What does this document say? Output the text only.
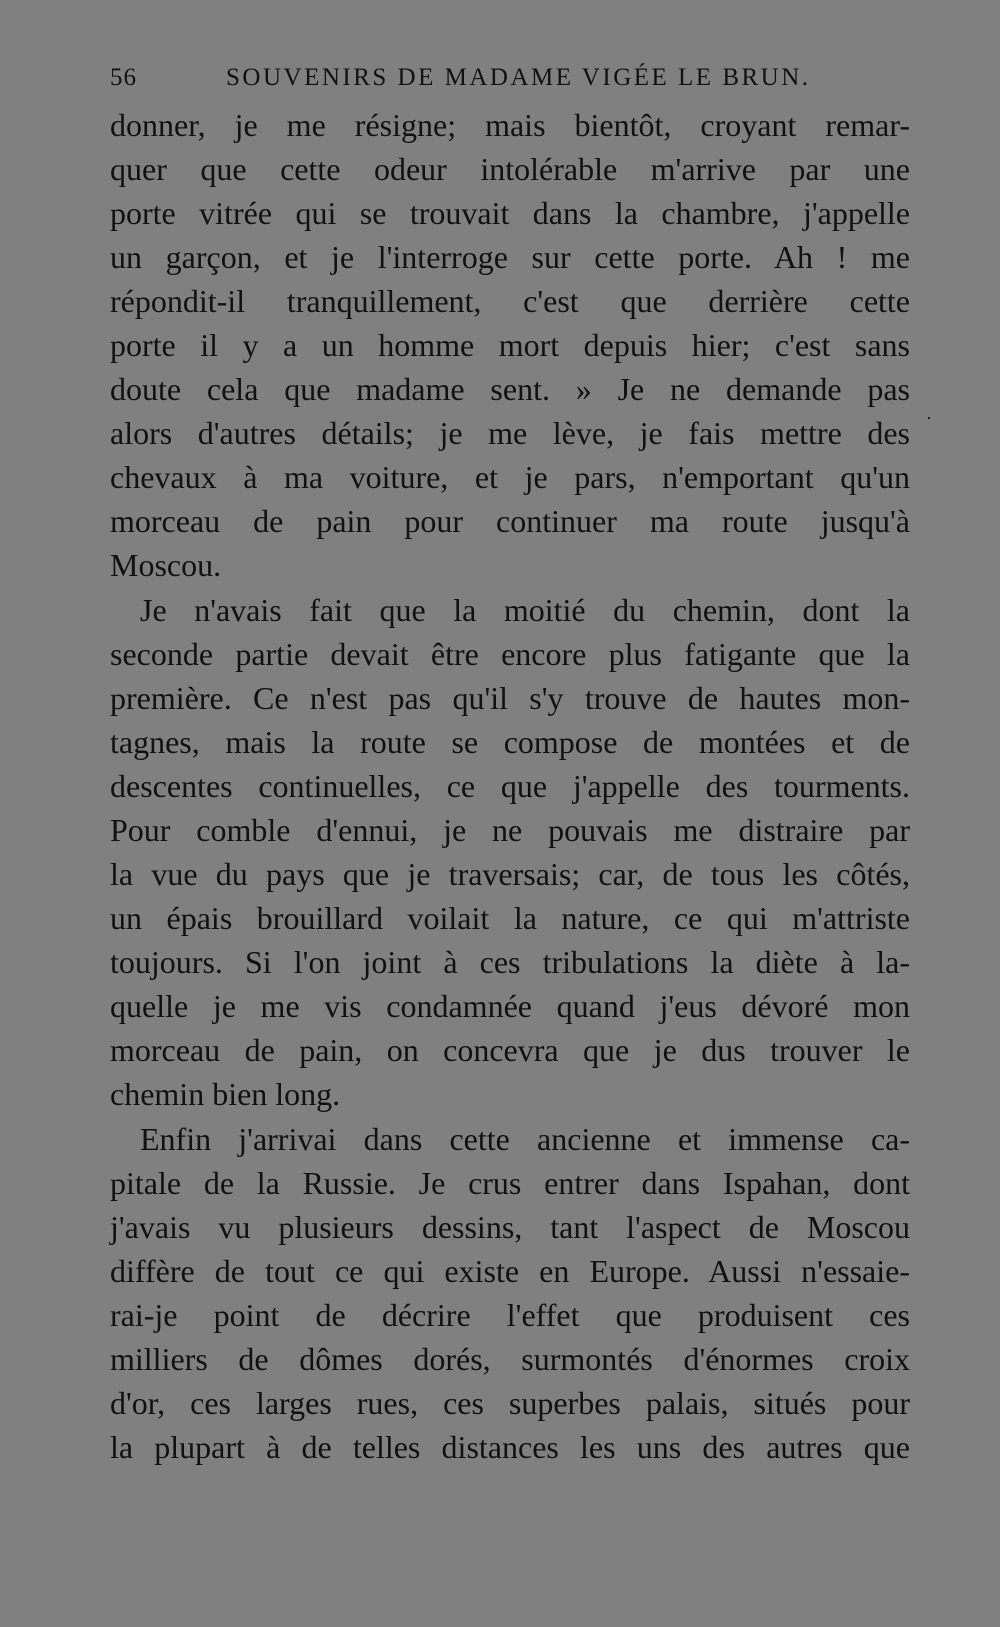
56	SOUVENIRS DE MADAME VIGÉE LE BRUN.
donner, je me résigne; mais bientôt, croyant remar-
quer que cette odeur intolérable m'arrive par une
porte vitrée qui se trouvait dans la chambre, j'appelle
un garçon, et je l'interroge sur cette porte. Ah ! me
répondit-il tranquillement, c'est que derrière cette
porte il y a un homme mort depuis hier; c'est sans
doute cela que madame sent. » Je ne demande pas
alors d'autres détails; je me lève, je fais mettre des
chevaux à ma voiture, et je pars, n'emportant qu'un
morceau de pain pour continuer ma route jusqu'à
Moscou.
Je n'avais fait que la moitié du chemin, dont la
seconde partie devait être encore plus fatigante que la
première. Ce n'est pas qu'il s'y trouve de hautes mon-
tagnes, mais la route se compose de montées et de
descentes continuelles, ce que j'appelle des tourments.
Pour comble d'ennui, je ne pouvais me distraire par
la vue du pays que je traversais; car, de tous les côtés,
un épais brouillard voilait la nature, ce qui m'attriste
toujours. Si l'on joint à ces tribulations la diète à la-
quelle je me vis condamnée quand j'eus dévoré mon
morceau de pain, on concevra que je dus trouver le
chemin bien long.
Enfin j'arrivai dans cette ancienne et immense ca-
pitale de la Russie. Je crus entrer dans Ispahan, dont
j'avais vu plusieurs dessins, tant l'aspect de Moscou
diffère de tout ce qui existe en Europe. Aussi n'essaie-
rai-je point de décrire l'effet que produisent ces
milliers de dômes dorés, surmontés d'énormes croix
d'or, ces larges rues, ces superbes palais, situés pour
la plupart à de telles distances les uns des autres que
